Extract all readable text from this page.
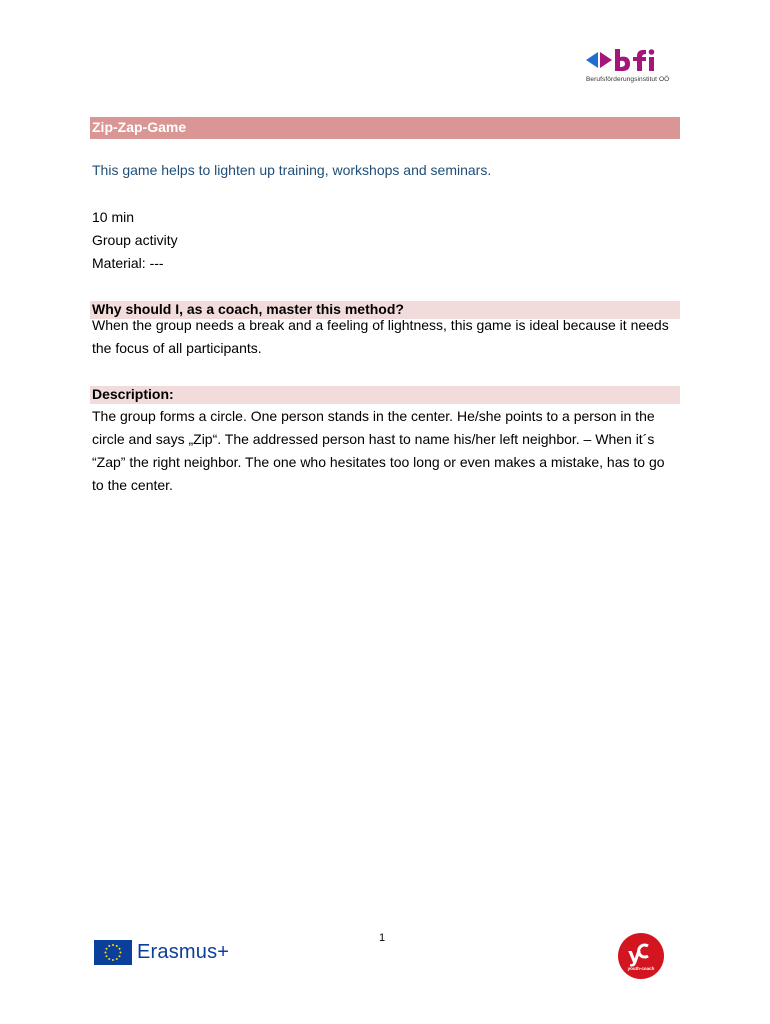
Berufsförderungsinstitut OÖ
Zip-Zap-Game
This game helps to lighten up training, workshops and seminars.
10 min
Group activity
Material: ---
Why should I, as a coach, master this method?
When the group needs a break and a feeling of lightness, this game is ideal because it needs
the focus of all participants.
Description:
The group forms a circle. One person stands in the center. He/she points to a person in the
circle and says „Zip“. The addressed person hast to name his/her left neighbor. – When it´s
“Zap” the right neighbor. The one who hesitates too long or even makes a mistake, has to go
to the center.
1
Erasmus+	y
youth-coach
